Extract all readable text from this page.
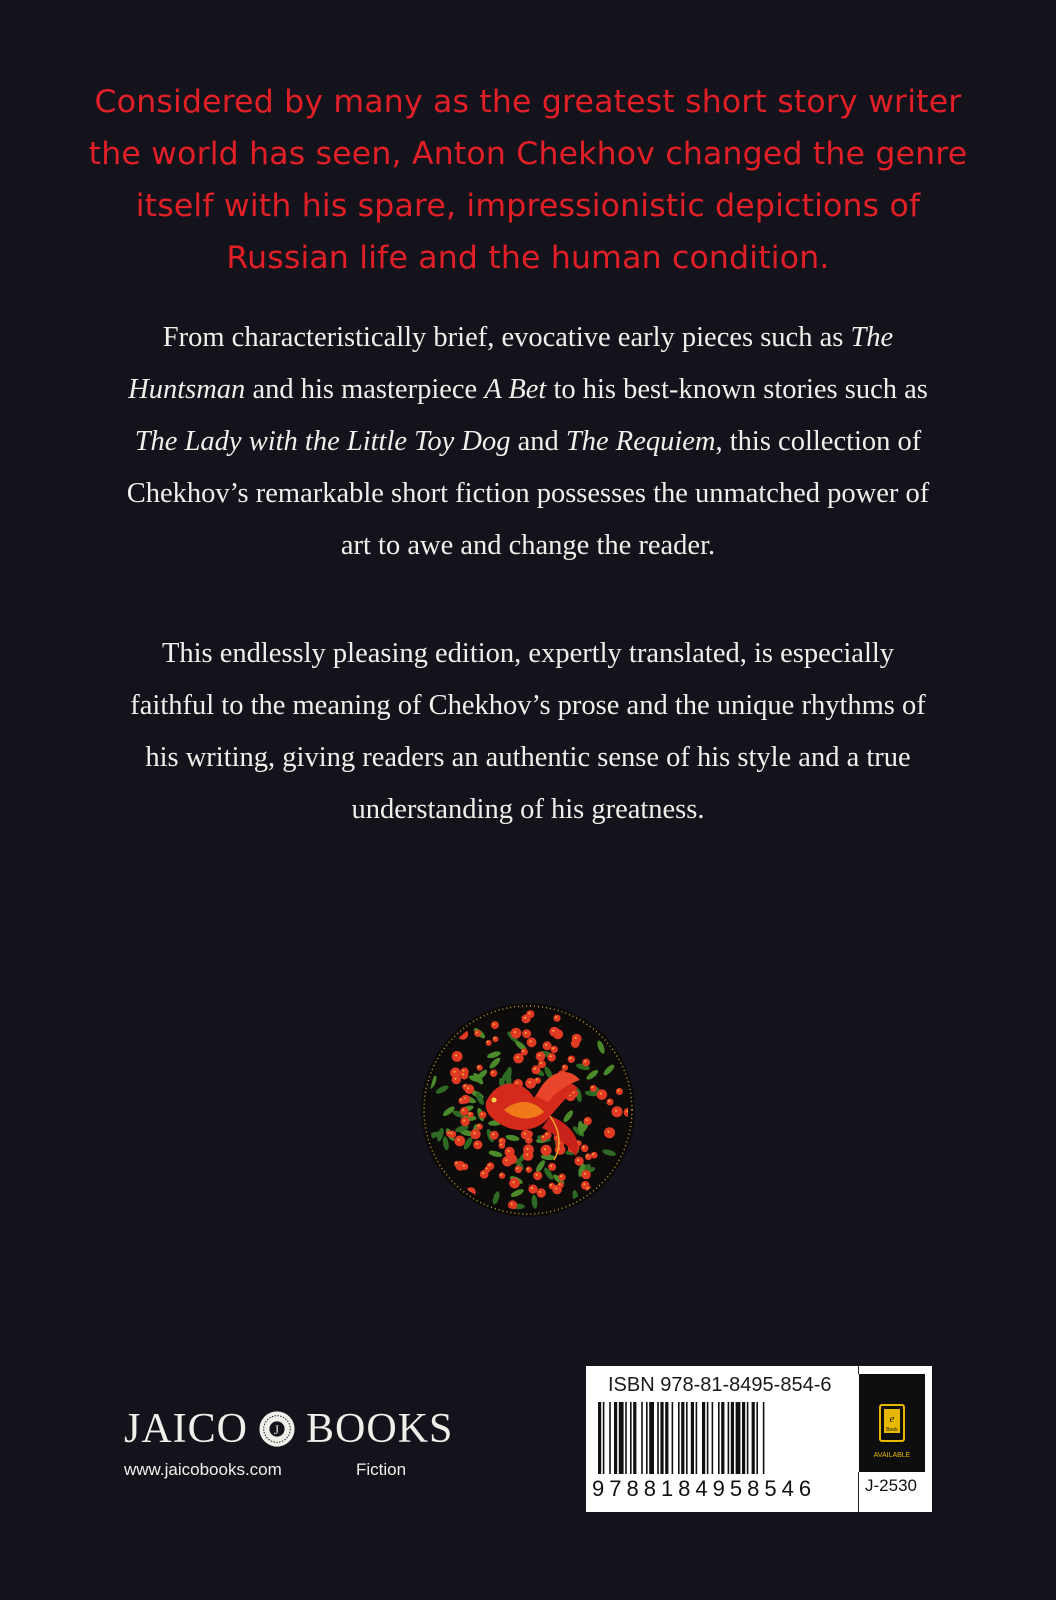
Considered by many as the greatest short story writer the world has seen, Anton Chekhov changed the genre itself with his spare, impressionistic depictions of Russian life and the human condition.

From characteristically brief, evocative early pieces such as The Huntsman and his masterpiece A Bet to his best-known stories such as The Lady with the Little Toy Dog and The Requiem, this collection of Chekhov’s remarkable short fiction possesses the unmatched power of art to awe and change the reader.

This endlessly pleasing edition, expertly translated, is especially faithful to the meaning of Chekhov’s prose and the unique rhythms of his writing, giving readers an authentic sense of his style and a true understanding of his greatness.

JAICO J BOOKS
www.jaicobooks.com	Fiction
ISBN 978-81-8495-854-6
9788184958546
e
Book
AVAILABLE
J-2530
